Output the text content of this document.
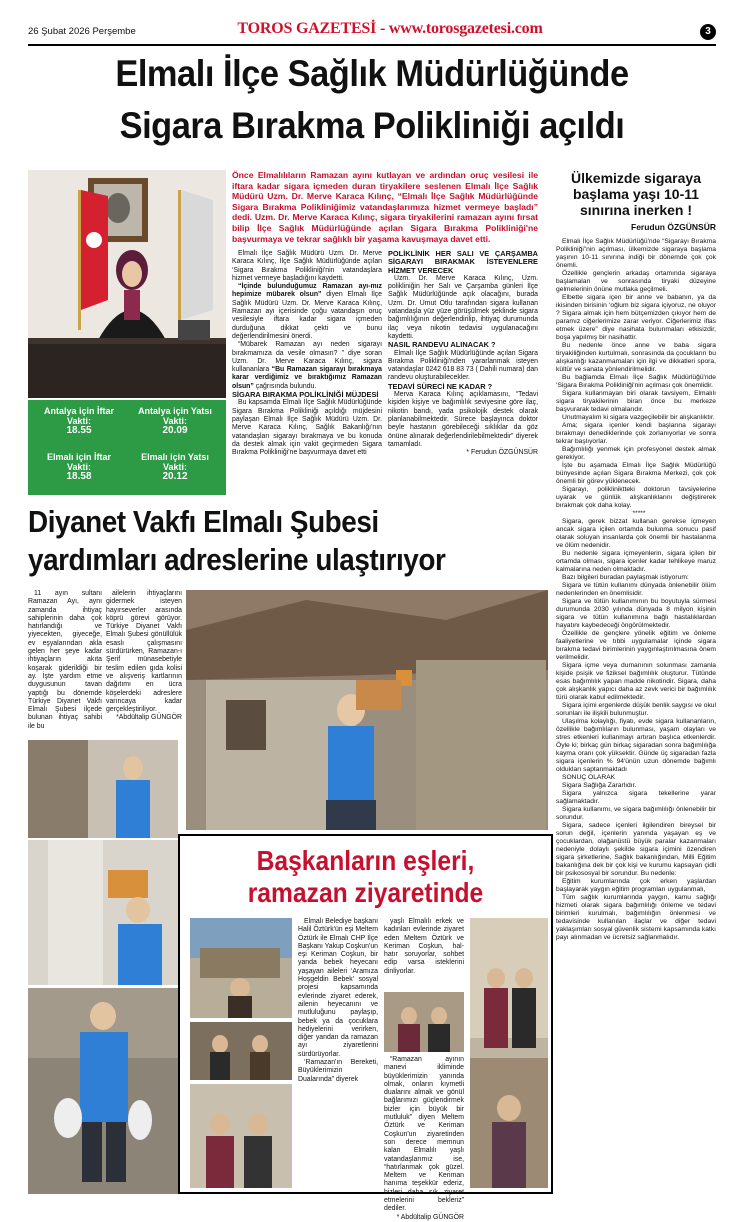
26 Şubat 2026 Perşembe	TOROS GAZETESİ - www.torosgazetesi.com	3
Elmalı İlçe Sağlık Müdürlüğünde
Sigara Bırakma Polikliniği açıldı
Önce Elmalılıların Ramazan ayını kutlayan ve ardından oruç vesilesi ile iftara kadar sigara içmeden duran tiryakilere seslenen Elmalı İlçe Sağlık Müdürü Uzm. Dr. Merve Karaca Kılınç, “Elmalı İlçe Sağlık Müdürlüğünde Sigara Bırakma Polikliniğimiz vatandaşlarımıza hizmet vermeye başladı” dedi. Uzm. Dr. Merve Karaca Kılınç, sigara tiryakilerini ramazan ayını fırsat bilip İlçe Sağlık Müdürlüğünde açılan Sigara Bırakma Polikliniği'ne başvurmaya ve tekrar sağlıklı bir yaşama kavuşmaya davet etti.

Elmalı İlçe Sağlık Müdürü Uzm. Dr. Merve Karaca Kılınç, İlçe Sağlık Müdürlüğünde açılan ‘Sigara Bırakma Polikliniği'nin vatandaşlara hizmet vermeye başladığını kaydetti.

“İçinde bulunduğumuz Ramazan ayı-mız hepimize mübarek olsun” diyen Elmalı İlçe Sağlık Müdürü Uzm. Dr. Merve Karaca Kılınç, Ramazan ayı içerisinde çoğu vatandaşın oruç vesilesiyle iftara kadar sigara içmeden durduğuna dikkat çekti ve bunu değerlendirilmesini önerdi.

“Mübarek Ramazan ayı neden sigarayı bırakmamıza da vesile olmasın? ” diye soran Uzm. Dr. Merve Karaca Kılınç, sigara kullananlara “Bu Ramazan sigarayı bırakmaya karar verdiğimiz ve bıraktığımız Ramazan olsun” çağrısında bulundu.

SİGARA BIRAKMA POLİKLİNİĞİ MÜJDESİ

Bu kapsamda Elmalı İlçe Sağlık Müdürlüğünde Sigara Bırakma Polikliniği açıldığı müjdesini paylaşan Elmalı İlçe Sağlık Müdürü Uzm. Dr. Merve Karaca Kılınç, Sağlık Bakanlığı'nın vatandaşları sigarayı bırakmaya ve bu konuda da destek almak için vakit geçirmeden Sigara Bırakma Polikliniği'ne başvurmaya davet etti

POLİKLİNİK HER SALI VE ÇARŞAMBA SİGARAYI BIRAKMAK İSTEYENLERE HİZMET VERECEK

Uzm. Dr. Merve Karaca Kılınç, Uzm. polikliniğin her Salı ve Çarşamba günleri İlçe Sağlık Müdürlüğünde açık olacağını, burada Uzm. Dr. Umut Otlu tarafından sigara kullanan vatandaşla yüz yüze görüşülmek şeklinde sigara bağımlılığının değerlendirilip, ihtiyaç durumunda ilaç veya nikotin tedavisi uygulanacağını kaydetti.

NASIL RANDEVU ALINACAK ?

Elmalı İlçe Sağlık Müdürlüğünde açılan Sigara Bırakma Polikliniği'nden yararlanmak isteyen vatandaşlar 0242 618 83 73 ( Dahili numara) dan randevu oluşturabilecekler.

TEDAVİ SÜRECİ NE KADAR ?

Merva Karaca Kılınç açıklamasını, “Tedavi kişiden kişiye ve bağımlılık seviyesine göre ilaç, nikotin bandı, yada psikolojik destek olarak planlanabilmektedir. Sürece başlayınca doktor beyle hastanın görebileceği sıklıklar da göz önüne alınarak değerlendirilebilmektedir” diyerek tamamladı.

* Ferudun ÖZGÜNSÜR

Antalya için İftar Vakti:
18.55
Antalya için Yatsı Vakti:
20.09
Elmalı için İftar Vakti:
18.58
Elmalı için Yatsı Vakti:
20.12
Diyanet Vakfı Elmalı Şubesi
yardımları adreslerine ulaştırıyor

11 ayın sultanı Ramazan Ayı, aynı zamanda ihtiyaç sahiplerinin daha çok hatırlandığı ve yiyecekten, giyeceğe, ev eşyalarından akla gelen her şeye kadar ihtiyaçların akıta koşarak giderildiği bir ay. İşte yardım etme duygusunun tavan yaptığı bu dönemde Türkiye Diyanet Vakfı Elmalı Şubesi ilçede bulunan ihtiyaç sahibi ile bu

ailelerin ihtiyaçlarını gidermek isteyen hayırseverler arasında köprü görevi görüyor. Türkiye Diyanet Vakfı Elmalı Şubesi gönüllülük esaslı çalışmasını sürdürürken, Ramazan-ı Şerif münasebetiyle teslim edilen gıda kolisi ve alışveriş kartlarının dağıtımı en ücra köşelerdeki adreslere varıncaya kadar gerçekleştiriliyor.

*Abdültalip GÜNGÖR

Başkanların eşleri,
ramazan ziyaretinde

Elmalı Belediye başkanı Halil Öztürk'ün eşi Meltem Öztürk ile Elmalı CHP İlçe Başkanı Yakup Coşkun'un eşi Keriman Coşkun, bir yanda bebek heyecanı yaşayan aileleri ‘Aramıza Hoşgeldin Bebek' sosyal projesi kapsamında evlerinde ziyaret ederek, ailenin heyecanını ve mutluluğunu paylaşıp, bebek ya da çocuklara hediyelerini verirken, diğer yandan da ramazan ayı ziyaretlerini sürdürüyorlar.

‘Ramazan'ın Bereketi, Büyüklerimizin Dualarında” diyerek

yaşlı Elmalılı erkek ve kadınları evlerinde ziyaret eden Meltem Öztürk ve Keriman Coşkun, hal-hatır soruyorlar, sohbet edip varsa isteklerini dinliyorlar.

“Ramazan ayının manevi ikliminde büyüklerimizin yanında olmak, onların kıymetli dualarını almak ve gönül bağlarımızı güçlendirmek bizler için büyük bir mutluluk” diyen Meltem Öztürk ve Keriman Coşkun'un ziyaretinden son derece memnun kalan Elmalılı yaşlı vatandaşlarımız ise, “hatırlanmak çok güzel. Meltem ve Keriman hanıma teşekkür ederiz, bizleri daha sık ziyaret etmelerini bekleriz” dediler.

* Abdültalip GÜNGÖR

Ülkemizde sigaraya başlama yaşı 10-11 sınırına inerken !
Ferudun ÖZGÜNSÜR

Elmalı İlçe Sağlık Müdürlüğü'nde “Sigarayı Bırakma Polikliniği”nin açılması, ülkemizde sigaraya başlama yaşının 10-11 sınırına indiği bir dönemde çok çok önemli.

Özellikle gençlerin arkadaş ortamında sigaraya başlamaları ve sonrasında tiryaki düzeyine gelmelerinin önüne mutlaka geçilmeli.

Elbette sigara içen bir anne ve babanın, ya da ikisinden birisinin ‘oğlum biz sigara içiyoruz, ne oluyor ? Sigara almak için hem bütçemizden çıkıyor hem de paramız ciğerlerimize zarar veriyor. Ciğerlerimiz iflas etmek üzere” diye nasihata bulunmaları etkisizdir, boşa yapılmış bir nasihattir.

Bu nedenle önce anne ve baba sigara tiryakiliğinden kurtulmalı, sonrasında da çocukların bu alışkanlığı kazanmamaları için ilgi ve dikkatleri spora, kültür ve sanata yönlendirilmelidir.

Bu bağlamda Elmalı İlçe Sağlık Müdürlüğü'nde ‘Sigara Bırakma Polikliniği'nin açılması çok önemlidir.

Sigara kullanmayan biri olarak tavsiyem, Elmalılı sigara tiryakilerinin biran önce bu merkeze başvurarak tedavi olmalarıdır.

Unutmayalım ki sigara vazgeçilebilir bir alışkanlıktır.

Ama; sigara içenler kendi başlarına sigarayı bırakmayı denediklerinde çok zorlanıyorlar ve sonra tekrar başlıyorlar.

Bağımlılığı yenmek için profesyonel destek almak gerekiyor.

İşte bu aşamada Elmalı İlçe Sağlık Müdürlüğü bünyesinde açılan Sigara Bırakma Merkezi, çok çok önemli bir görev yüklenecek.

Sigarayı, polikliniktteki doktorun tavsiyelerine uyarak ve günlük alışkanlıklarını değiştirerek bırakmak çok daha kolay.

*****

Sigara, gerek bizzat kullanan gerekse içmeyen ancak sigara içilen ortamda bulunma sonucu pasif olarak soluyan insanlarda çok önemli bir hastalanma ve ölüm nedenidir.

Bu nedenle sigara içmeyenlerin, sigara içilen bir ortamda olması, sigara içenler kadar tehlikeye maruz kalmalarına neden olmaktadır.

Bazı bilgileri buradan paylaşmak istiyorum:

Sigara ve tütün kullanımı dünyada önlenebilir ölüm nedenlerinden en önemlisidir.

Sigara ve tütün kullanımının bu boyutuyla sürmesi durumunda 2030 yılında dünyada 8 milyon kişinin sigara ve tütün kullanımına bağlı hastalıklardan hayatını kaybedeceği öngörülmektedir.

Özellikle de gençlere yönelik eğitim ve önleme faaliyetlerine ve tıbbi uygulamalar içinde sigara bırakma tedavi birimlerinin yaygınlaştırılmasına önem verilmelidir.

Sigara içme veya dumanının solunması zamanla kişide psişik ve fiziksel bağımlılık oluşturur. Tütünde esas bağımlılık yapan madde nikotindir. Sigara, daha çok alışkanlık yapıcı daha az zevk verici bir bağımlılık türü olarak kabul edilmektedir.

Sigara içimi ergenlerde düşük benlik saygısı ve okul sorunları ile ilişkili bulunmuştur.

Ulaşılma kolaylığı, fiyatı, evde sigara kullananların, özellikle bağımlıların bulunması, yaşam olayları ve stres etkenleri kullanmayı artıran başlıca etkenlerdir. Öyle ki; birkaç gün birkaç sigaradan sonra bağımlılığa kayma oranı çok yüksektir. Günde üç sigaradan fazla sigara içenlerin % 94'ünün uzun dönemde bağımlı oldukları saptanmaktadı

SONUÇ OLARAK

Sigara Sağlığa Zararlıdır.

Sigara yalnızca sigara tekellerine yarar sağlamaktadır.

Sigara kullanımı, ve sigara bağımlılığı önlenebilir bir sorundur.

Sigara, sadece içenleri ilgilendiren bireysel bir sorun değil, içenlerin yanında yaşayan eş ve çocuklardan, olağanüstü büyük paralar kazanmaları nedeniyle dolaylı şekilde sigara içimini özendiren sigara şirketlerine, Sağlık bakanlığından, Milli Eğitim bakanlığına dek bir çok kişi ve kurumu kapsayan çidli bir psikososyal bir sorundur. Bu nedenle:

Eğitim kurumlarında çok erken yaşlardan başlayarak yaygın eğitim programları uygulanmalı,

Tüm sağlık kurumlarında yaygın, kamu sağlığı hizmeti olarak sigara bağımlılığı önleme ve tedavi birimleri kurulmalı, bağımlılığın önlenmesi ve tedavisinde kullanılan ilaçlar ve diğer tedavi yaklaşımları sosyal güvenlik sistemi kapsamında katkı payı alınmadan ve ücretsiz sağlanmalıdır.
